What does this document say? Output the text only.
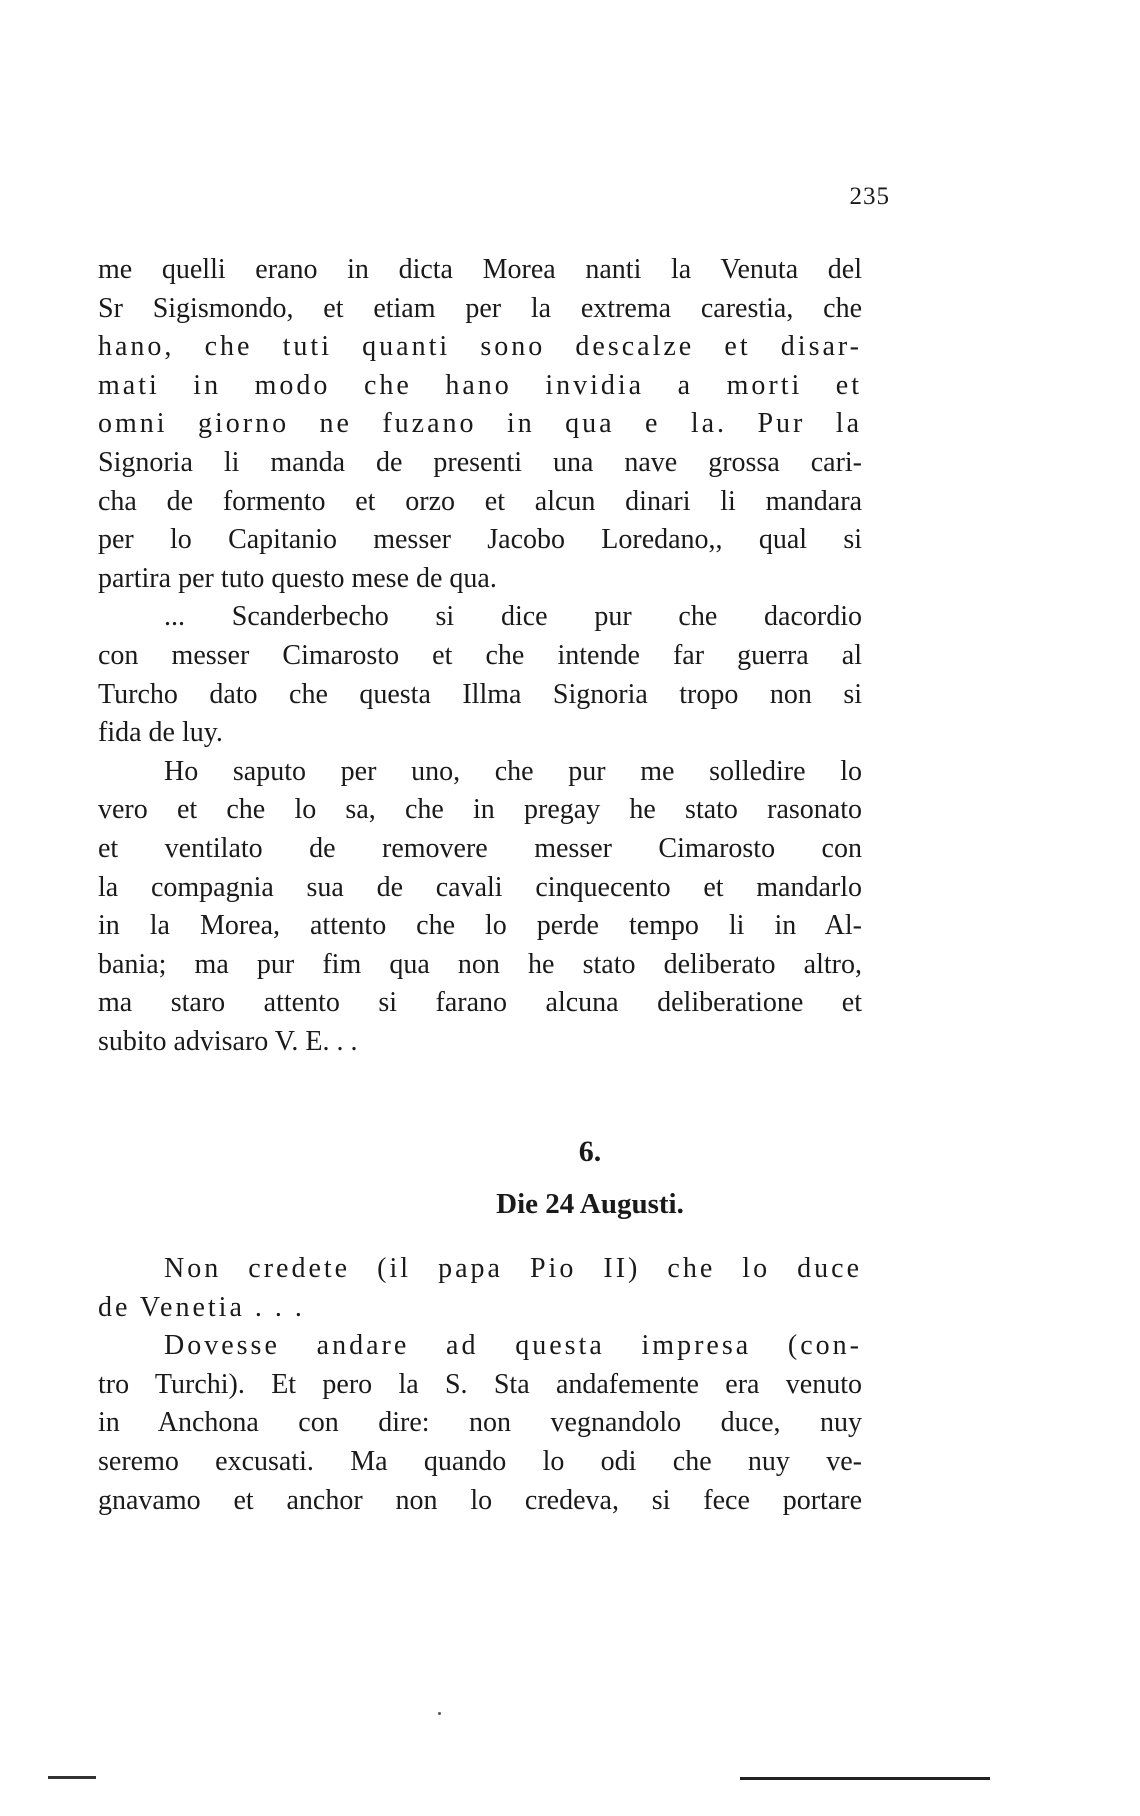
235
me quelli erano in dicta Morea nanti la Venuta del
Sr Sigismondo, et etiam per la extrema carestia, che
hano, che tuti quanti sono descalze et disar-
mati in modo che hano invidia a morti et
omni giorno ne fuzano in qua e la. Pur la
Signoria li manda de presenti una nave grossa cari-
cha de formento et orzo et alcun dinari li mandara
per lo Capitanio messer Jacobo Loredano,, qual si
partira per tuto questo mese de qua.
... Scanderbecho si dice pur che dacordio
con messer Cimarosto et che intende far guerra al
Turcho dato che questa Illma Signoria tropo non si
fida de luy.
Ho saputo per uno, che pur me solledire lo
vero et che lo sa, che in pregay he stato rasonato
et ventilato de removere messer Cimarosto con
la compagnia sua de cavali cinquecento et mandarlo
in la Morea, attento che lo perde tempo li in Al-
bania; ma pur fim qua non he stato deliberato altro,
ma staro attento si farano alcuna deliberatione et
subito advisaro V. E. . .
6.
Die 24 Augusti.
Non credete (il papa Pio II) che lo duce
de Venetia . . .
Dovesse andare ad questa impresa (con-
tro Turchi). Et pero la S. Sta andafemente era venuto
in Anchona con dire: non vegnandolo duce, nuy
seremo excusati. Ma quando lo odi che nuy ve-
gnavamo et anchor non lo credeva, si fece portare
